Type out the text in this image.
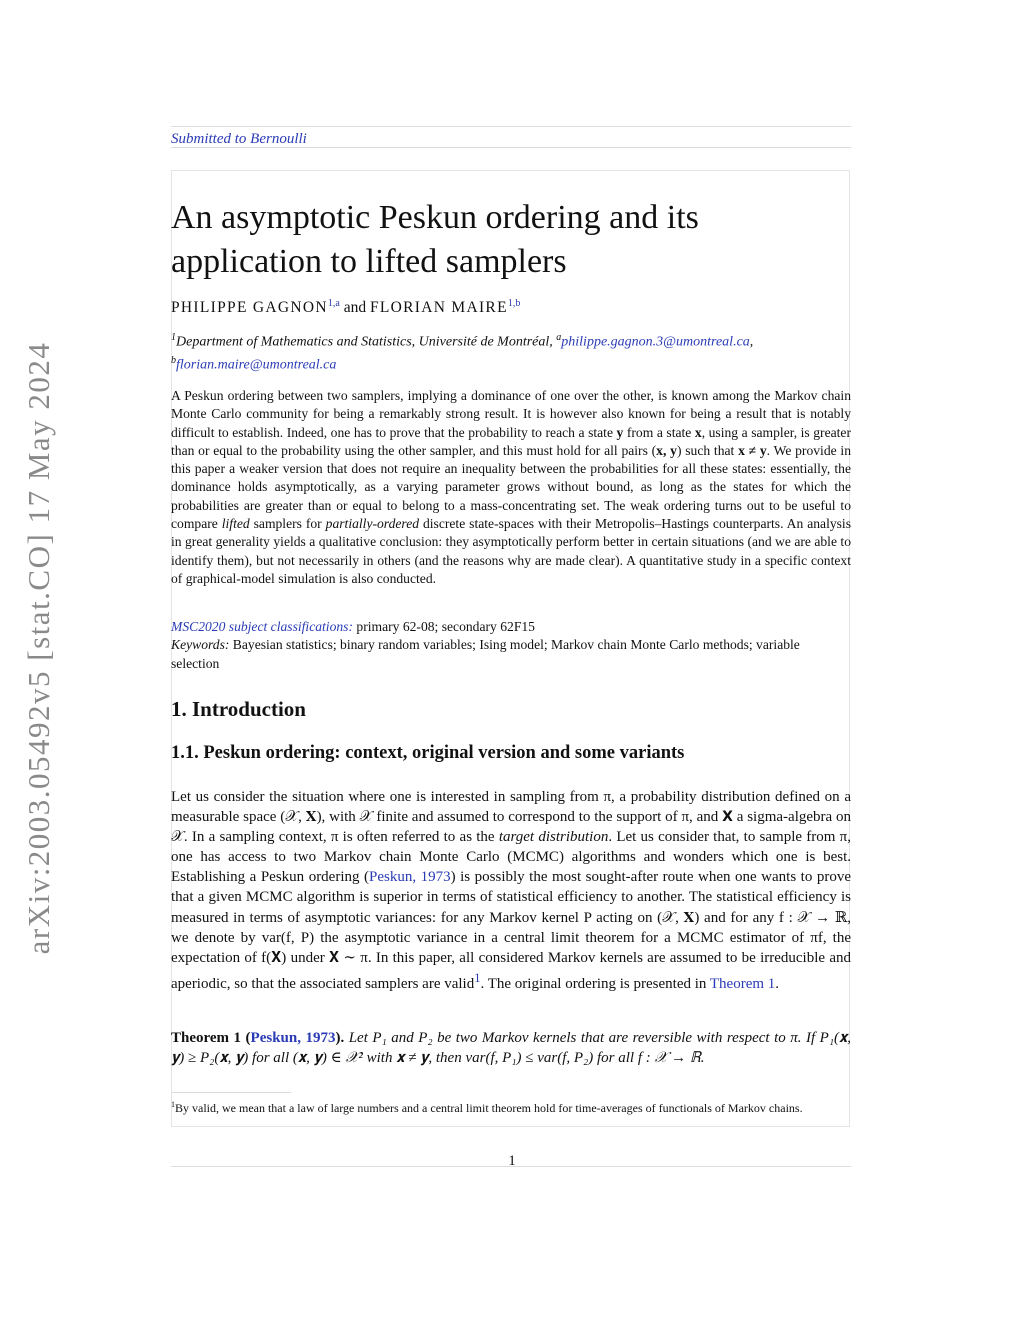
arXiv:2003.05492v5 [stat.CO] 17 May 2024
Submitted to Bernoulli
An asymptotic Peskun ordering and its application to lifted samplers
PHILIPPE GAGNON$^{1,a}$ and FLORIAN MAIRE$^{1,b}$
$^1$Department of Mathematics and Statistics, Université de Montréal, $^a$philippe.gagnon.3@umontreal.ca,
$^b$florian.maire@umontreal.ca

A Peskun ordering between two samplers, implying a dominance of one over the other, is known among the Markov chain Monte Carlo community for being a remarkably strong result. It is however also known for being a result that is notably difficult to establish. Indeed, one has to prove that the probability to reach a state y from a state x, using a sampler, is greater than or equal to the probability using the other sampler, and this must hold for all pairs (x, y) such that x ≠ y. We provide in this paper a weaker version that does not require an inequality between the probabilities for all these states: essentially, the dominance holds asymptotically, as a varying parameter grows without bound, as long as the states for which the probabilities are greater than or equal to belong to a mass-concentrating set. The weak ordering turns out to be useful to compare lifted samplers for partially-ordered discrete state-spaces with their Metropolis–Hastings counterparts. An analysis in great generality yields a qualitative conclusion: they asymptotically perform better in certain situations (and we are able to identify them), but not necessarily in others (and the reasons why are made clear). A quantitative study in a specific context of graphical-model simulation is also conducted.

MSC2020 subject classifications: primary 62-08; secondary 62F15

Keywords: Bayesian statistics; binary random variables; Ising model; Markov chain Monte Carlo methods; variable selection

1. Introduction
1.1. Peskun ordering: context, original version and some variants

Let us consider the situation where one is interested in sampling from π, a probability distribution defined on a measurable space (𝒳, 𝐗), with 𝒳 finite and assumed to correspond to the support of π, and X a sigma-algebra on 𝒳. In a sampling context, π is often referred to as the target distribution. Let us consider that, to sample from π, one has access to two Markov chain Monte Carlo (MCMC) algorithms and wonders which one is best. Establishing a Peskun ordering (Peskun, 1973) is possibly the most sought-after route when one wants to prove that a given MCMC algorithm is superior in terms of statistical efficiency to another. The statistical efficiency is measured in terms of asymptotic variances: for any Markov kernel P acting on (𝒳, 𝐗) and for any f : 𝒳 → ℝ, we denote by var(f, P) the asymptotic variance in a central limit theorem for a MCMC estimator of πf, the expectation of f(𝐗) under 𝐗 ∼ π. In this paper, all considered Markov kernels are assumed to be irreducible and aperiodic, so that the associated samplers are valid$^1$. The original ordering is presented in Theorem 1.

Theorem 1 (Peskun, 1973). Let P₁ and P₂ be two Markov kernels that are reversible with respect to π. If P₁(𝐱, 𝐲) ≥ P₂(𝐱, 𝐲) for all (𝐱, 𝐲) ∈ 𝒳² with 𝐱 ≠ 𝐲, then var(f, P₁) ≤ var(f, P₂) for all f : 𝒳 → ℝ.

$^1$By valid, we mean that a law of large numbers and a central limit theorem hold for time-averages of functionals of Markov chains.

1
